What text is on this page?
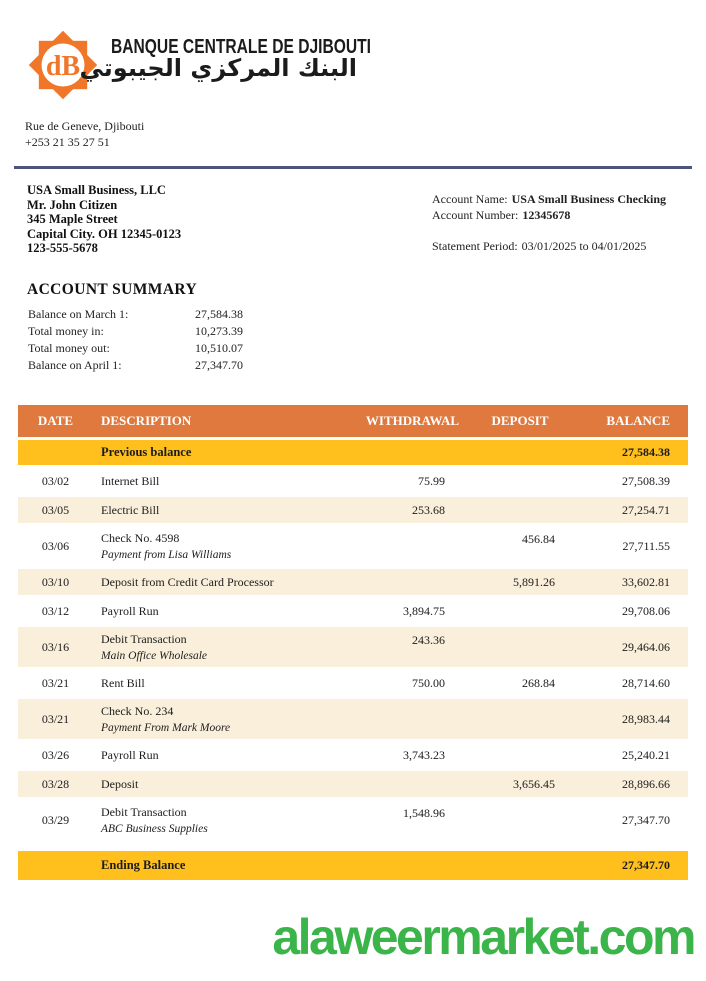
dB
BANQUE CENTRALE DE DJIBOUTI
البنك المركزي الجيبوتي
Rue de Geneve, Djibouti
+253 21 35 27 51
USA Small Business, LLC
Mr. John Citizen
345 Maple Street
Capital City. OH 12345-0123
123-555-5678
Account Name: USA Small Business Checking
Account Number: 12345678
Statement Period: 03/01/2025 to 04/01/2025
ACCOUNT SUMMARY
Balance on March 1:	27,584.38
Total money in:	10,273.39
Total money out:	10,510.07
Balance on April 1:	27,347.70
DATE	DESCRIPTION	WITHDRAWAL	DEPOSIT	BALANCE
	Previous balance			27,584.38
03/02	Internet Bill	75.99		27,508.39
03/05	Electric Bill	253.68		27,254.71
03/06	Check No. 4598
Payment from Lisa Williams		456.84	27,711.55
03/10	Deposit from Credit Card Processor		5,891.26	33,602.81
03/12	Payroll Run	3,894.75		29,708.06
03/16	Debit Transaction
Main Office Wholesale	243.36		29,464.06
03/21	Rent Bill	750.00	268.84	28,714.60
03/21	Check No. 234
Payment From Mark Moore			28,983.44
03/26	Payroll Run	3,743.23		25,240.21
03/28	Deposit		3,656.45	28,896.66
03/29	Debit Transaction
ABC Business Supplies	1,548.96		27,347.70

	Ending Balance			27,347.70
alaweermarket.com
